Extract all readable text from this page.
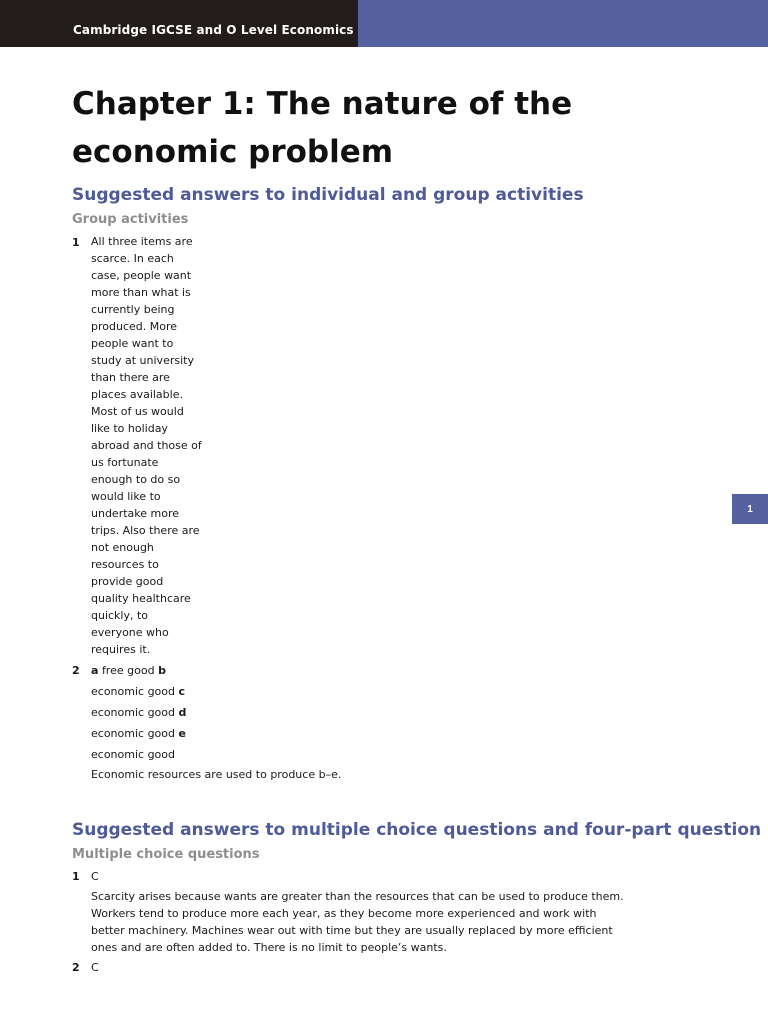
Cambridge IGCSE and O Level Economics
1
Chapter 1: The nature of the economic problem
Suggested answers to individual and group activities
Group activities
1 All three items are scarce. In each case, people want more than what is currently being produced. More people want to study at university than there are places available. Most of us would like to holiday abroad and those of us fortunate enough to do so would like to undertake more trips. Also there are not enough resources to provide good quality healthcare quickly, to everyone who requires it.
2 a free good b
economic good c
economic good d
economic good e
economic good
Economic resources are used to produce b–e.
Suggested answers to multiple choice questions and four-part question
Multiple choice questions
1 C
Scarcity arises because wants are greater than the resources that can be used to produce them. Workers tend to produce more each year, as they become more experienced and work with better machinery. Machines wear out with time but they are usually replaced by more efficient ones and are often added to. There is no limit to people’s wants.
2 C
